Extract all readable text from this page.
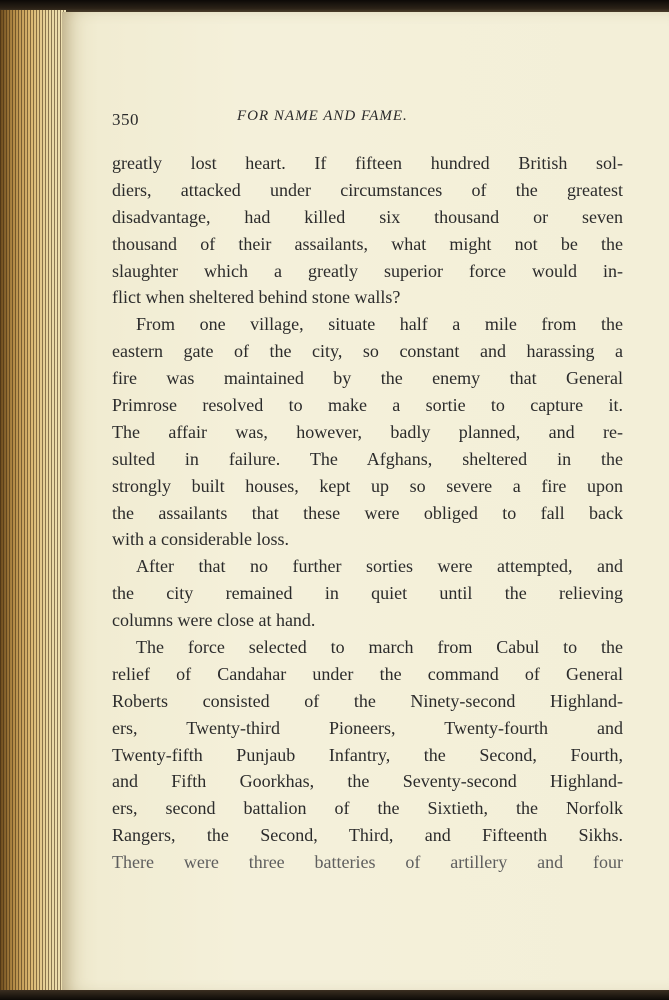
350	FOR NAME AND FAME.
greatly lost heart. If fifteen hundred British sol-
diers, attacked under circumstances of the greatest
disadvantage, had killed six thousand or seven
thousand of their assailants, what might not be the
slaughter which a greatly superior force would in-
flict when sheltered behind stone walls?
From one village, situate half a mile from the
eastern gate of the city, so constant and harassing a
fire was maintained by the enemy that General
Primrose resolved to make a sortie to capture it.
The affair was, however, badly planned, and re-
sulted in failure. The Afghans, sheltered in the
strongly built houses, kept up so severe a fire upon
the assailants that these were obliged to fall back
with a considerable loss.
After that no further sorties were attempted, and
the city remained in quiet until the relieving
columns were close at hand.
The force selected to march from Cabul to the
relief of Candahar under the command of General
Roberts consisted of the Ninety-second Highland-
ers, Twenty-third Pioneers, Twenty-fourth and
Twenty-fifth Punjaub Infantry, the Second, Fourth,
and Fifth Goorkhas, the Seventy-second Highland-
ers, second battalion of the Sixtieth, the Norfolk
Rangers, the Second, Third, and Fifteenth Sikhs.
There were three batteries of artillery and four
